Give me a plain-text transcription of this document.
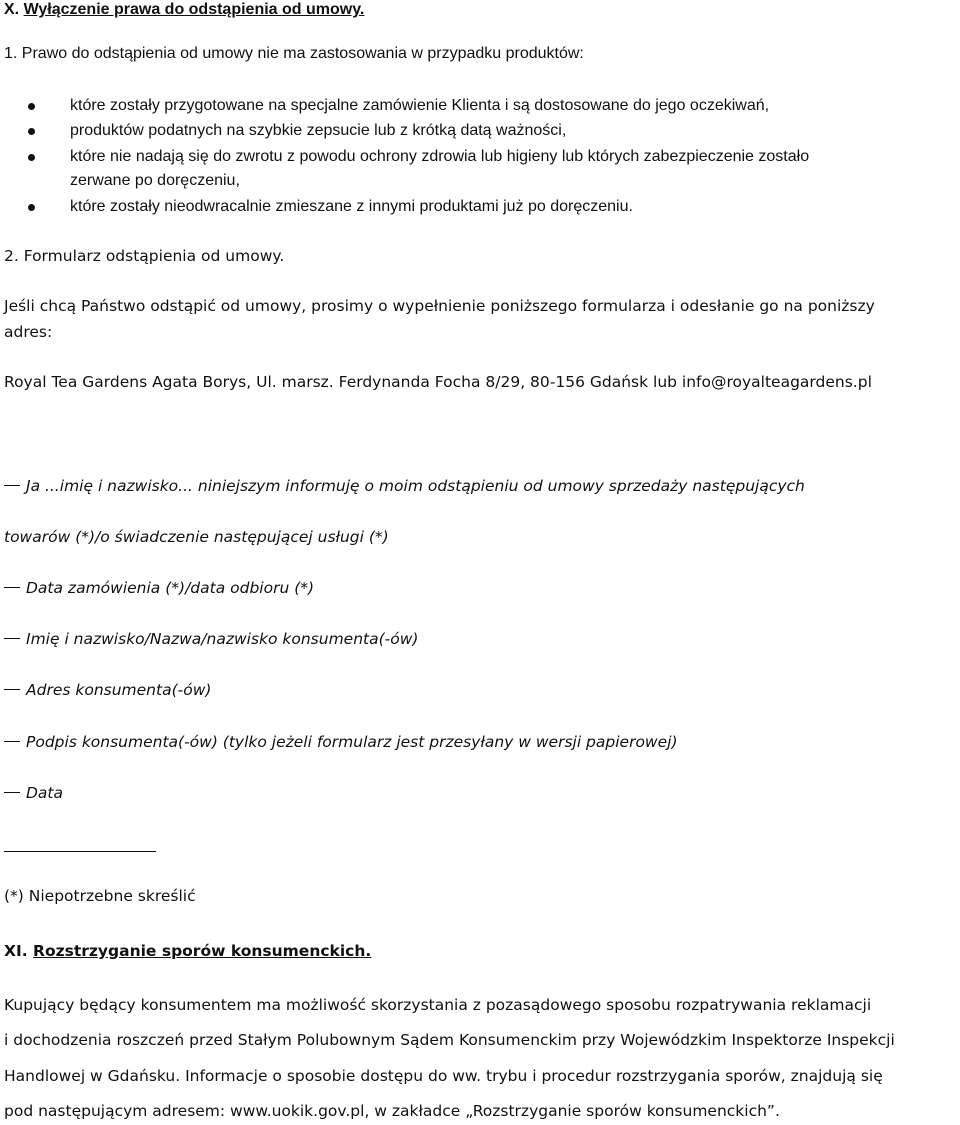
X. Wyłączenie prawa do odstąpienia od umowy.
1. Prawo do odstąpienia od umowy nie ma zastosowania w przypadku produktów:
które zostały przygotowane na specjalne zamówienie Klienta i są dostosowane do jego oczekiwań,
produktów podatnych na szybkie zepsucie lub z krótką datą ważności,
które nie nadają się do zwrotu z powodu ochrony zdrowia lub higieny lub których zabezpieczenie zostało
zerwane po doręczeniu,
które zostały nieodwracalnie zmieszane z innymi produktami już po doręczeniu.
2. Formularz odstąpienia od umowy.
Jeśli chcą Państwo odstąpić od umowy, prosimy o wypełnienie poniższego formularza i odesłanie go na poniższy
adres:
Royal Tea Gardens Agata Borys, Ul. marsz. Ferdynanda Focha 8/29, 80-156 Gdańsk lub info@royalteagardens.pl
Ja ...imię i nazwisko... niniejszym informuję o moim odstąpieniu od umowy sprzedaży następujących
towarów (*)/o świadczenie następującej usługi (*)
Data zamówienia (*)/data odbioru (*)
Imię i nazwisko/Nazwa/nazwisko konsumenta(-ów)
Adres konsumenta(-ów)
Podpis konsumenta(-ów) (tylko jeżeli formularz jest przesyłany w wersji papierowej)
Data
(*) Niepotrzebne skreślić
XI. Rozstrzyganie sporów konsumenckich.
Kupujący będący konsumentem ma możliwość skorzystania z pozasądowego sposobu rozpatrywania reklamacji
i dochodzenia roszczeń przed Stałym Polubownym Sądem Konsumenckim przy Wojewódzkim Inspektorze Inspekcji
Handlowej w Gdańsku. Informacje o sposobie dostępu do ww. trybu i procedur rozstrzygania sporów, znajdują się
pod następującym adresem: www.uokik.gov.pl, w zakładce „Rozstrzyganie sporów konsumenckich”.
